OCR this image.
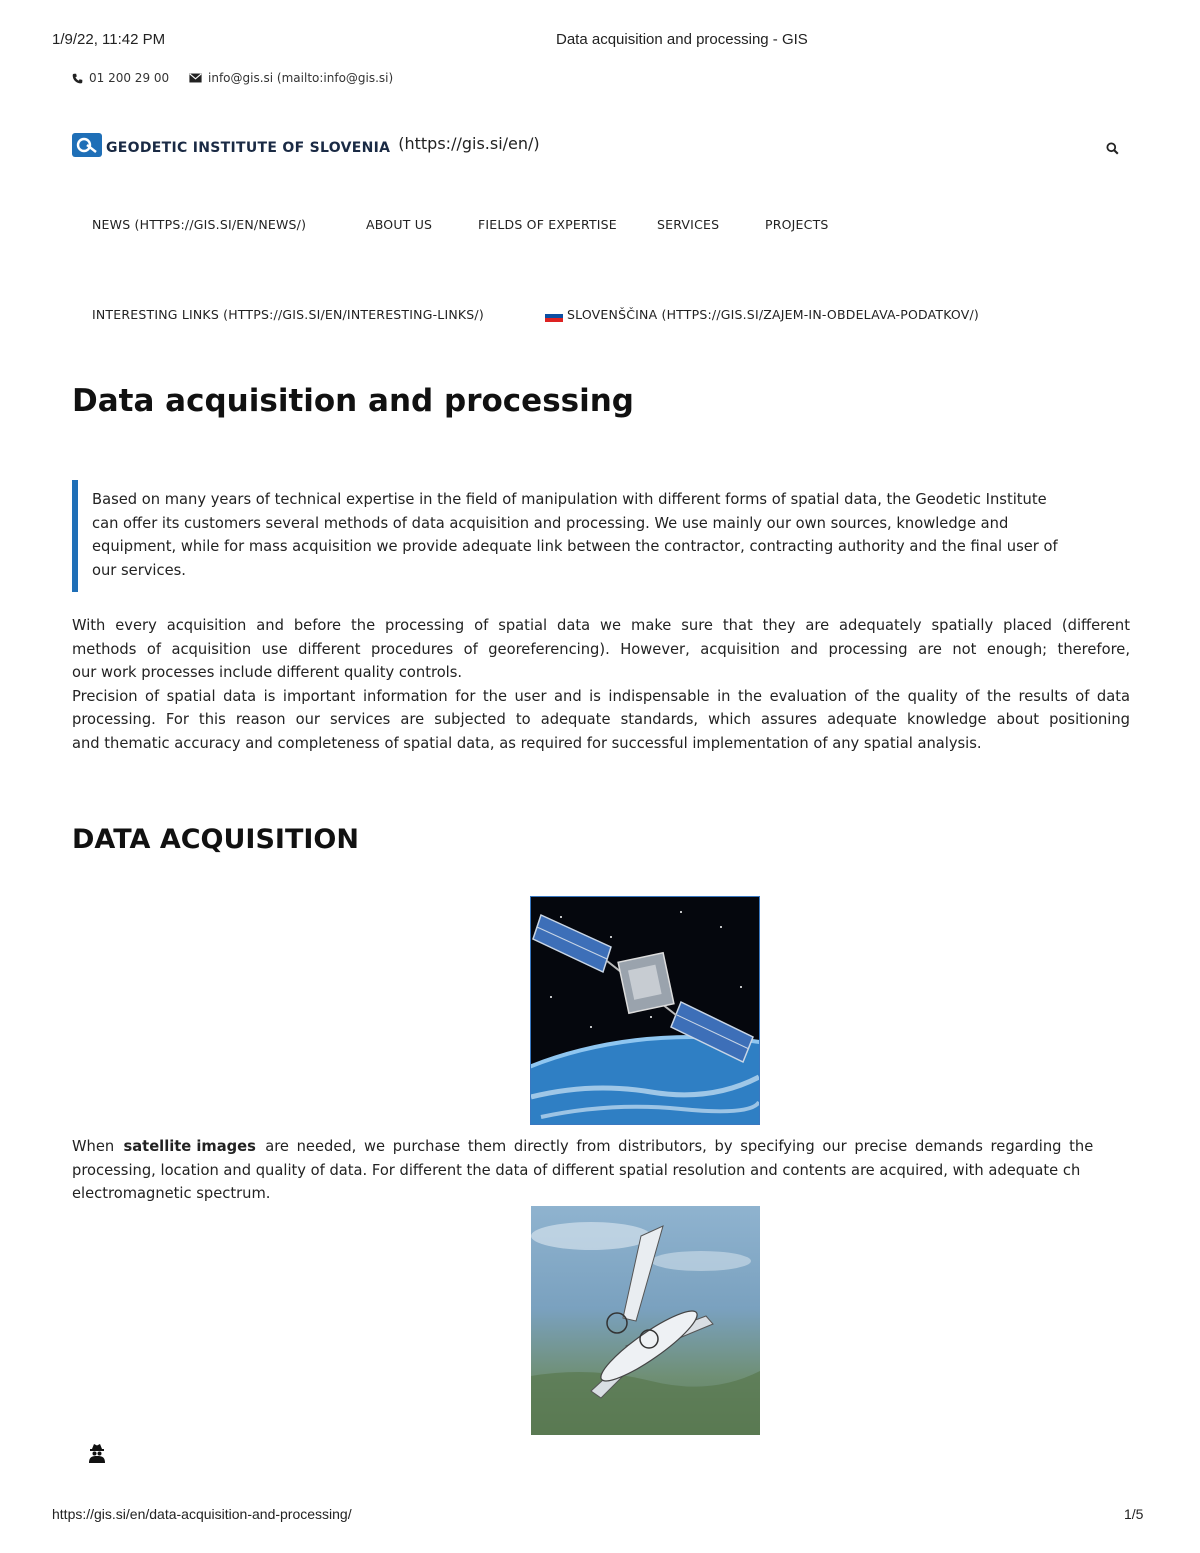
1/9/22, 11:42 PM	Data acquisition and processing - GIS
01 200 29 00	info@gis.si (mailto:info@gis.si)
GEODETIC INSTITUTE OF SLOVENIA (https://gis.si/en/)
NEWS (HTTPS://GIS.SI/EN/NEWS/)	ABOUT US	FIELDS OF EXPERTISE	SERVICES	PROJECTS
INTERESTING LINKS (HTTPS://GIS.SI/EN/INTERESTING-LINKS/)	SLOVENŠČINA (HTTPS://GIS.SI/ZAJEM-IN-OBDELAVA-PODATKOV/)
Data acquisition and processing
Based on many years of technical expertise in the field of manipulation with different forms of spatial data, the Geodetic Institute
can offer its customers several methods of data acquisition and processing. We use mainly our own sources, knowledge and
equipment, while for mass acquisition we provide adequate link between the contractor, contracting authority and the final user of
our services.
With every acquisition and before the processing of spatial data we make sure that they are adequately spatially placed (different
methods of acquisition use different procedures of georeferencing). However, acquisition and processing are not enough; therefore,
our work processes include different quality controls.
Precision of spatial data is important information for the user and is indispensable in the evaluation of the quality of the results of data
processing. For this reason our services are subjected to adequate standards, which assures adequate knowledge about positioning
and thematic accuracy and completeness of spatial data, as required for successful implementation of any spatial analysis.
DATA ACQUISITION
When satellite images are needed, we purchase them directly from distributors, by specifying our precise demands regarding the
processing, location and quality of data. For different the data of different spatial resolution and contents are acquired, with adequate ch
electromagnetic spectrum.
https://gis.si/en/data-acquisition-and-processing/	1/5
